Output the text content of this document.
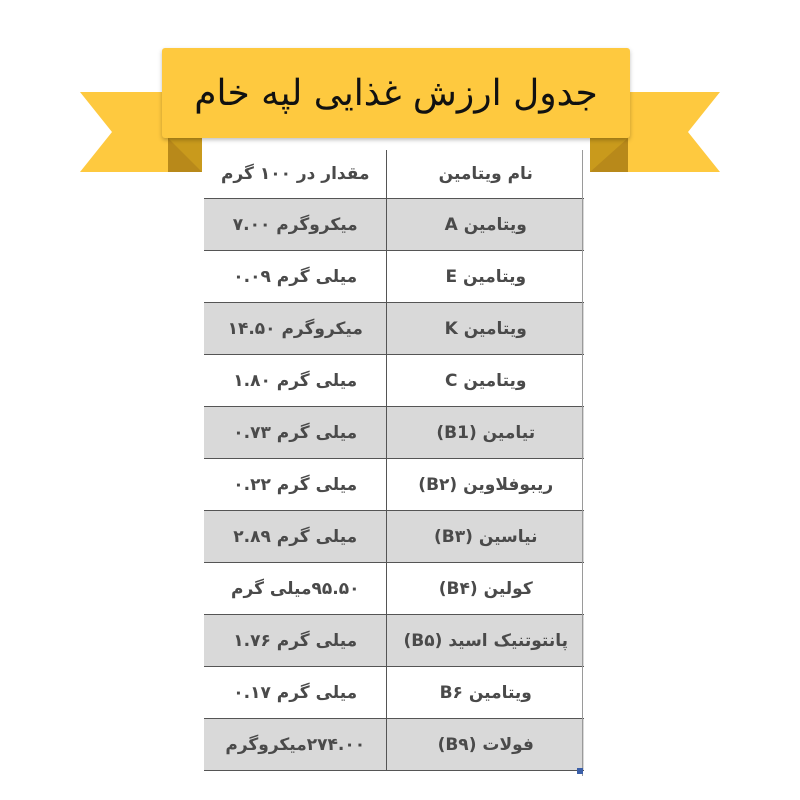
جدول ارزش غذایی لپه خام
نام ویتامین	مقدار در ۱۰۰ گرم
ویتامین A	میکروگرم ۷.۰۰
ویتامین E	میلی گرم ۰.۰۹
ویتامین K	میکروگرم ۱۴.۵۰
ویتامین C	میلی گرم ۱.۸۰
تیامین (B1)	میلی گرم ۰.۷۳
ریبوفلاوین (B۲)	میلی گرم ۰.۲۲
نیاسین (B۳)	میلی گرم ۲.۸۹
کولین (B۴)	۹۵.۵۰میلی گرم
پانتوتنیک اسید (B۵)	میلی گرم ۱.۷۶
ویتامین B۶	میلی گرم ۰.۱۷
فولات (B۹)	۲۷۴.۰۰میکروگرم
